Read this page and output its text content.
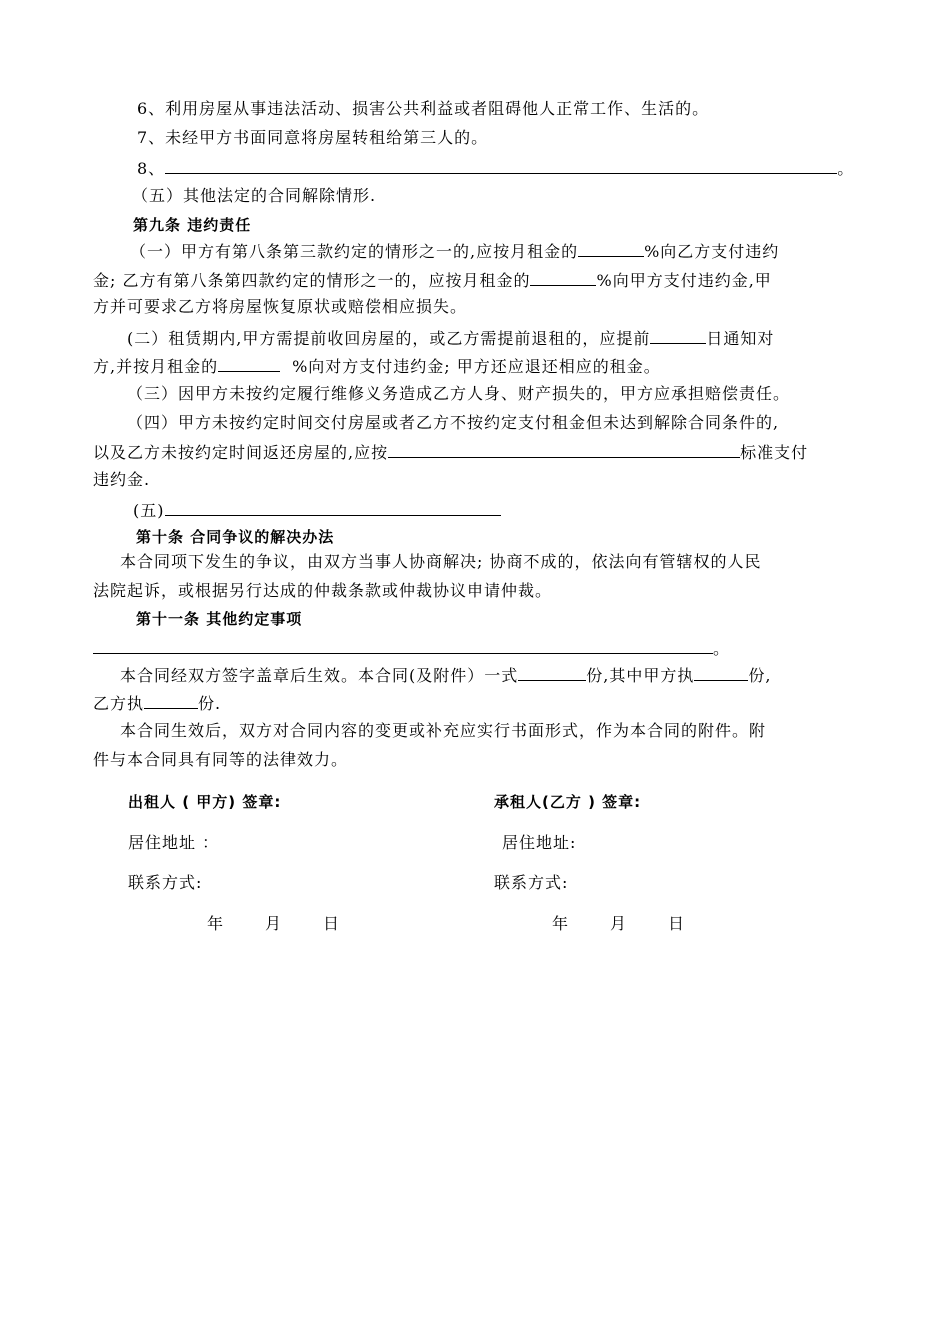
6、利用房屋从事违法活动、损害公共利益或者阻碍他人正常工作、生活的。
7、未经甲方书面同意将房屋转租给第三人的。
8、	。
（五）其他法定的合同解除情形.
第九条 违约责任
（一）甲方有第八条第三款约定的情形之一的,应按月租金的	%向乙方支付违约
金; 乙方有第八条第四款约定的情形之一的，应按月租金的	%向甲方支付违约金,甲
方并可要求乙方将房屋恢复原状或赔偿相应损失。
(二）租赁期内,甲方需提前收回房屋的，或乙方需提前退租的，应提前	日通知对
方,并按月租金的	%向对方支付违约金; 甲方还应退还相应的租金。
（三）因甲方未按约定履行维修义务造成乙方人身、财产损失的，甲方应承担赔偿责任。
（四）甲方未按约定时间交付房屋或者乙方不按约定支付租金但未达到解除合同条件的,
以及乙方未按约定时间返还房屋的,应按	标准支付
违约金.
(五)
第十条 合同争议的解决办法
本合同项下发生的争议，由双方当事人协商解决; 协商不成的，依法向有管辖权的人民
法院起诉，或根据另行达成的仲裁条款或仲裁协议申请仲裁。
第十一条 其他约定事项
。
本合同经双方签字盖章后生效。本合同(及附件）一式	份,其中甲方执	份,
乙方执	份.
本合同生效后，双方对合同内容的变更或补充应实行书面形式，作为本合同的附件。附
件与本合同具有同等的法律效力。
出租人 ( 甲方) 签章:	承租人(乙方 ) 签章:
居住地址 ：	居住地址:
联系方式:	联系方式:
年	月	日	年	月	日
